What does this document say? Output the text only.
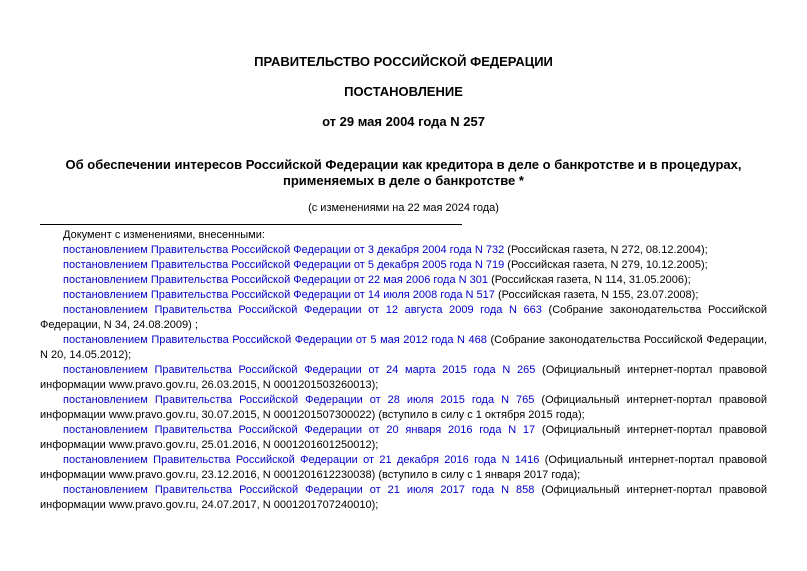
ПРАВИТЕЛЬСТВО РОССИЙСКОЙ ФЕДЕРАЦИИ
ПОСТАНОВЛЕНИЕ
от 29 мая 2004 года N 257
Об обеспечении интересов Российской Федерации как кредитора в деле о банкротстве и в процедурах, применяемых в деле о банкротстве *
(с изменениями на 22 мая 2024 года)

Документ с изменениями, внесенными:

постановлением Правительства Российской Федерации от 3 декабря 2004 года N 732 (Российская газета, N 272, 08.12.2004);

постановлением Правительства Российской Федерации от 5 декабря 2005 года N 719 (Российская газета, N 279, 10.12.2005);

постановлением Правительства Российской Федерации от 22 мая 2006 года N 301 (Российская газета, N 114, 31.05.2006);

постановлением Правительства Российской Федерации от 14 июля 2008 года N 517 (Российская газета, N 155, 23.07.2008);

постановлением Правительства Российской Федерации от 12 августа 2009 года N 663 (Собрание законодательства Российской Федерации, N 34, 24.08.2009) ;

постановлением Правительства Российской Федерации от 5 мая 2012 года N 468 (Собрание законодательства Российской Федерации, N 20, 14.05.2012);

постановлением Правительства Российской Федерации от 24 марта 2015 года N 265 (Официальный интернет-портал правовой информации www.pravo.gov.ru, 26.03.2015, N 0001201503260013);

постановлением Правительства Российской Федерации от 28 июля 2015 года N 765 (Официальный интернет-портал правовой информации www.pravo.gov.ru, 30.07.2015, N 0001201507300022) (вступило в силу с 1 октября 2015 года);

постановлением Правительства Российской Федерации от 20 января 2016 года N 17 (Официальный интернет-портал правовой информации www.pravo.gov.ru, 25.01.2016, N 0001201601250012);

постановлением Правительства Российской Федерации от 21 декабря 2016 года N 1416 (Официальный интернет-портал правовой информации www.pravo.gov.ru, 23.12.2016, N 0001201612230038) (вступило в силу с 1 января 2017 года);

постановлением Правительства Российской Федерации от 21 июля 2017 года N 858 (Официальный интернет-портал правовой информации www.pravo.gov.ru, 24.07.2017, N 0001201707240010);
